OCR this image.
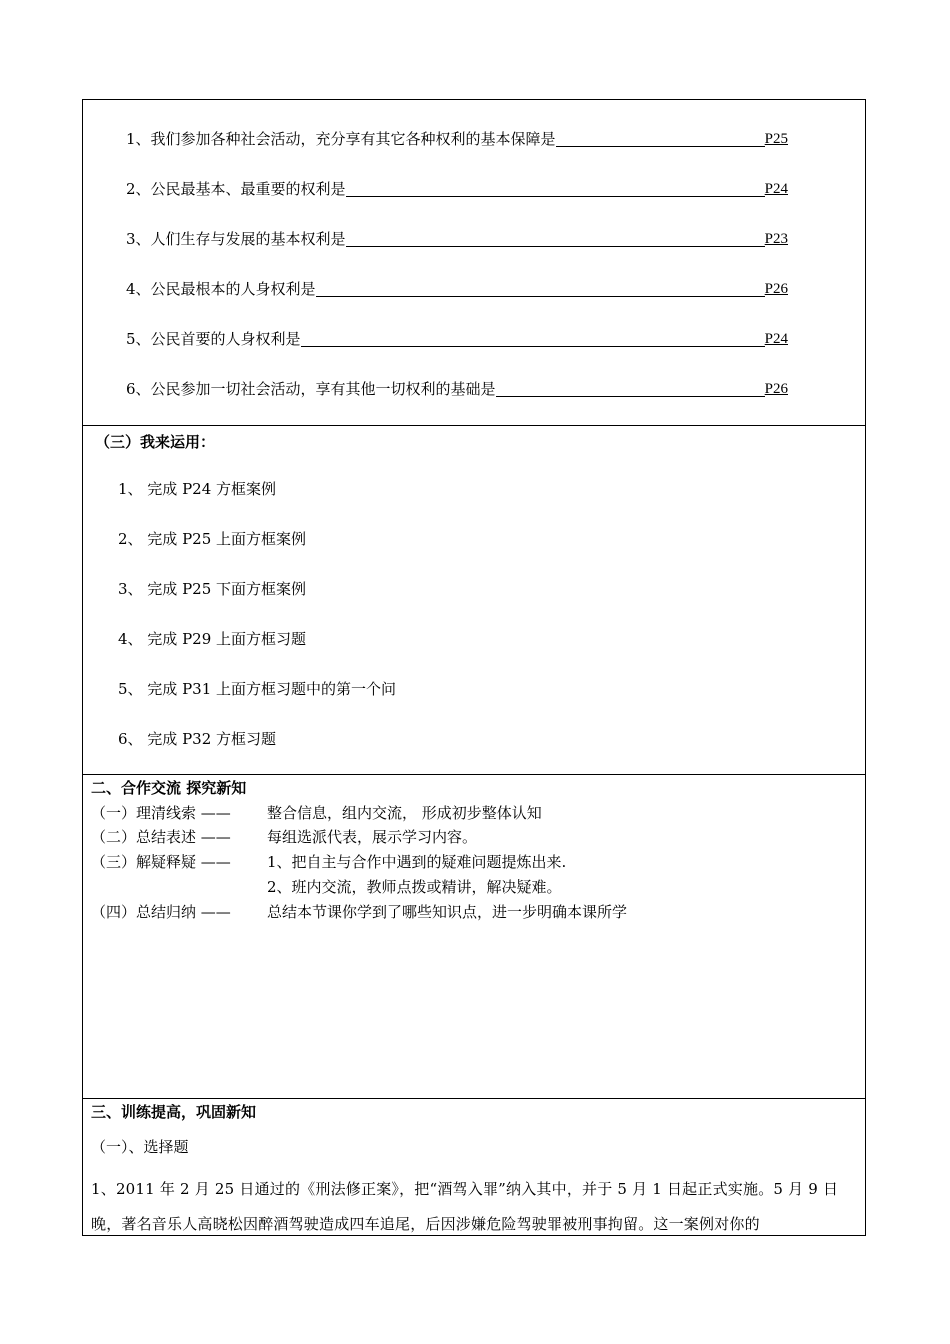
1、我们参加各种社会活动，充分享有其它各种权利的基本保障是	P25
2、公民最基本、最重要的权利是	P24
3、人们生存与发展的基本权利是	P23
4、公民最根本的人身权利是	P26
5、公民首要的人身权利是	P24
6、公民参加一切社会活动，享有其他一切权利的基础是	P26
（三）我来运用：
1、 完成 P24 方框案例
2、 完成 P25 上面方框案例
3、 完成 P25 下面方框案例
4、 完成 P29 上面方框习题
5、 完成 P31 上面方框习题中的第一个问
6、 完成 P32 方框习题
二、合作交流 探究新知
（一）理清线索 —— 整合信息，组内交流， 形成初步整体认知
（二）总结表述 —— 每组选派代表，展示学习内容。
（三）解疑释疑 —— 1、把自主与合作中遇到的疑难问题提炼出来.
2、班内交流，教师点拨或精讲，解决疑难。
（四）总结归纳 —— 总结本节课你学到了哪些知识点，进一步明确本课所学
三、训练提高，巩固新知
（一）、选择题
1、2011 年 2 月 25 日通过的《刑法修正案》，把“酒驾入罪”纳入其中，并于 5 月 1 日起正式实施。5 月 9 日晚，著名音乐人高晓松因醉酒驾驶造成四车追尾，后因涉嫌危险驾驶罪被刑事拘留。这一案例对你的
